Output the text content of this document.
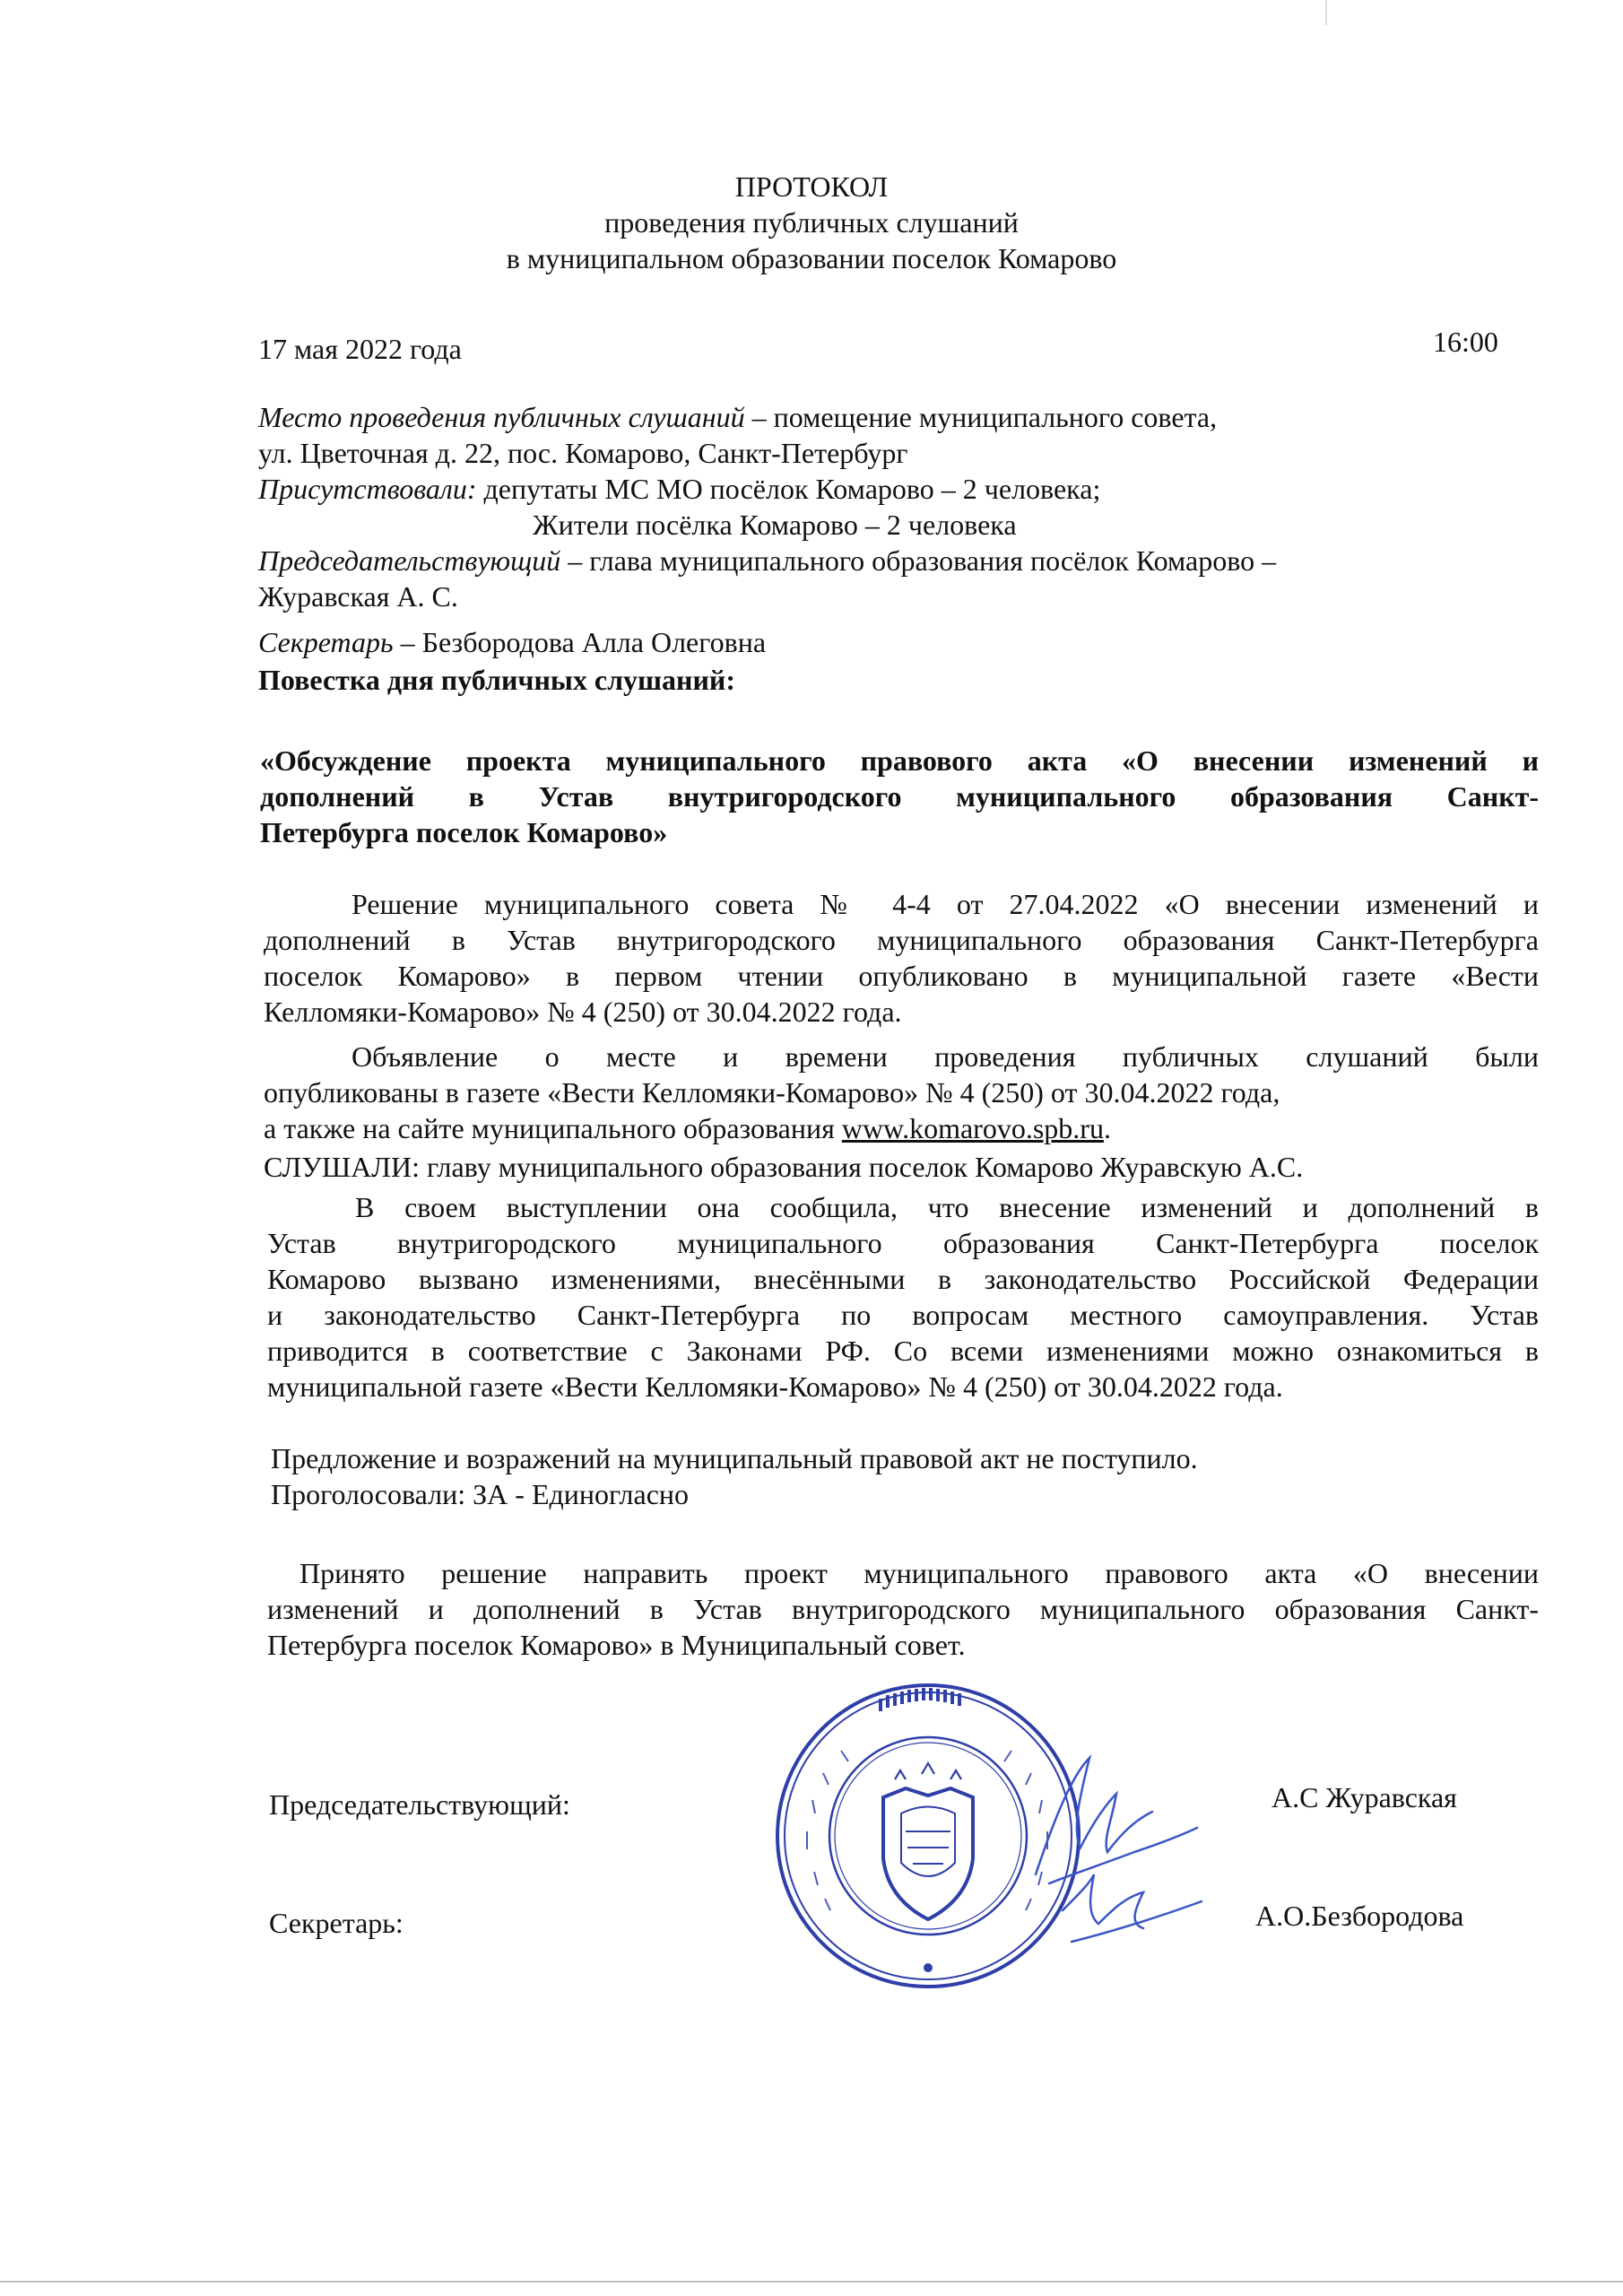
ПРОТОКОЛ
проведения публичных слушаний
в муниципальном образовании поселок Комарово
17 мая 2022 года	16:00
Место проведения публичных слушаний – помещение муниципального совета,
ул. Цветочная д. 22, пос. Комарово, Санкт-Петербург
Присутствовали: депутаты МС МО посёлок Комарово – 2 человека;
Жители посёлка Комарово – 2 человека
Председательствующий – глава муниципального образования посёлок Комарово –
Журавская А. С.
Секретарь – Безбородова Алла Олеговна
Повестка дня публичных слушаний:
«Обсуждение проекта муниципального правового акта «О внесении изменений и
дополнений в Устав внутригородского муниципального образования Санкт-
Петербурга поселок Комарово»
Решение муниципального совета № 4-4 от 27.04.2022 «О внесении изменений и
дополнений в Устав внутригородского муниципального образования Санкт-Петербурга
поселок Комарово» в первом чтении опубликовано в муниципальной газете «Вести
Келломяки-Комарово» № 4 (250) от 30.04.2022 года.
Объявление о месте и времени проведения публичных слушаний были
опубликованы в газете «Вести Келломяки-Комарово» № 4 (250) от 30.04.2022 года,
а также на сайте муниципального образования www.komarovo.spb.ru.
СЛУШАЛИ: главу муниципального образования поселок Комарово Журавскую А.С.
В своем выступлении она сообщила, что внесение изменений и дополнений в
Устав внутригородского муниципального образования Санкт-Петербурга поселок
Комарово вызвано изменениями, внесёнными в законодательство Российской Федерации
и законодательство Санкт-Петербурга по вопросам местного самоуправления. Устав
приводится в соответствие с Законами РФ. Со всеми изменениями можно ознакомиться в
муниципальной газете «Вести Келломяки-Комарово» № 4 (250) от 30.04.2022 года.
Предложение и возражений на муниципальный правовой акт не поступило.
Проголосовали: ЗА - Единогласно
Принято решение направить проект муниципального правового акта «О внесении
изменений и дополнений в Устав внутригородского муниципального образования Санкт-
Петербурга поселок Комарово» в Муниципальный совет.
Председательствующий:	А.С Журавская
Секретарь:	А.О.Безбородова
